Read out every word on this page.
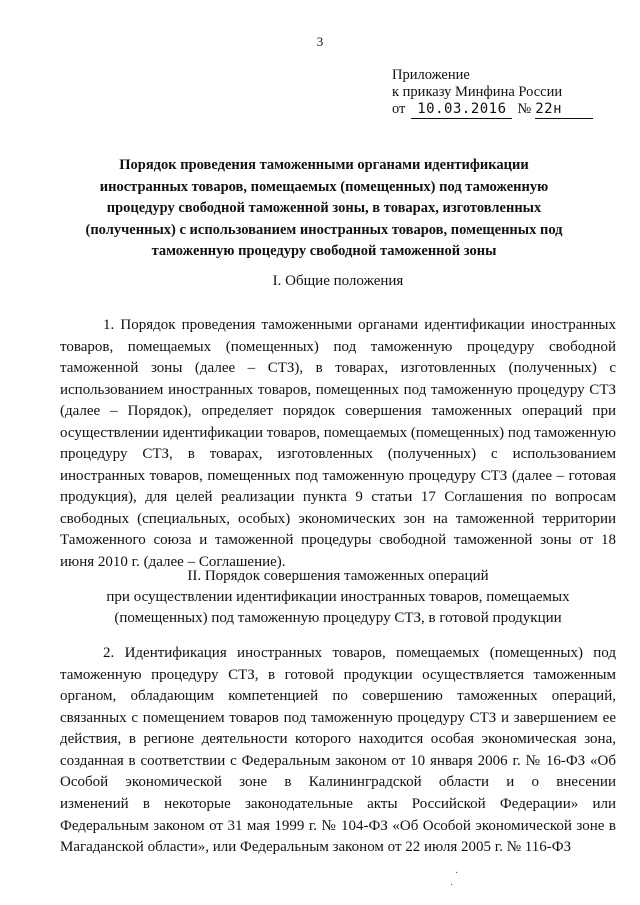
3
Приложение
к приказу Минфина России
от 10.03.2016 № 22н
Порядок проведения таможенными органами идентификации иностранных товаров, помещаемых (помещенных) под таможенную процедуру свободной таможенной зоны, в товарах, изготовленных (полученных) с использованием иностранных товаров, помещенных под таможенную процедуру свободной таможенной зоны
I. Общие положения
1. Порядок проведения таможенными органами идентификации иностранных товаров, помещаемых (помещенных) под таможенную процедуру свободной таможенной зоны (далее – СТЗ), в товарах, изготовленных (полученных) с использованием иностранных товаров, помещенных под таможенную процедуру СТЗ (далее – Порядок), определяет порядок совершения таможенных операций при осуществлении идентификации товаров, помещаемых (помещенных) под таможенную процедуру СТЗ, в товарах, изготовленных (полученных) с использованием иностранных товаров, помещенных под таможенную процедуру СТЗ (далее – готовая продукция), для целей реализации пункта 9 статьи 17 Соглашения по вопросам свободных (специальных, особых) экономических зон на таможенной территории Таможенного союза и таможенной процедуры свободной таможенной зоны от 18 июня 2010 г. (далее – Соглашение).
II. Порядок совершения таможенных операций
при осуществлении идентификации иностранных товаров, помещаемых
(помещенных) под таможенную процедуру СТЗ, в готовой продукции
2. Идентификация иностранных товаров, помещаемых (помещенных) под таможенную процедуру СТЗ, в готовой продукции осуществляется таможенным органом, обладающим компетенцией по совершению таможенных операций, связанных с помещением товаров под таможенную процедуру СТЗ и завершением ее действия, в регионе деятельности которого находится особая экономическая зона, созданная в соответствии с Федеральным законом от 10 января 2006 г. № 16-ФЗ «Об Особой экономической зоне в Калининградской области и о внесении
изменений в некоторые законодательные акты Российской Федерации» или Федеральным законом от 31 мая 1999 г. № 104-ФЗ «Об Особой экономической зоне в Магаданской области», или Федеральным законом от 22 июля 2005 г. № 116-ФЗ
·
·
